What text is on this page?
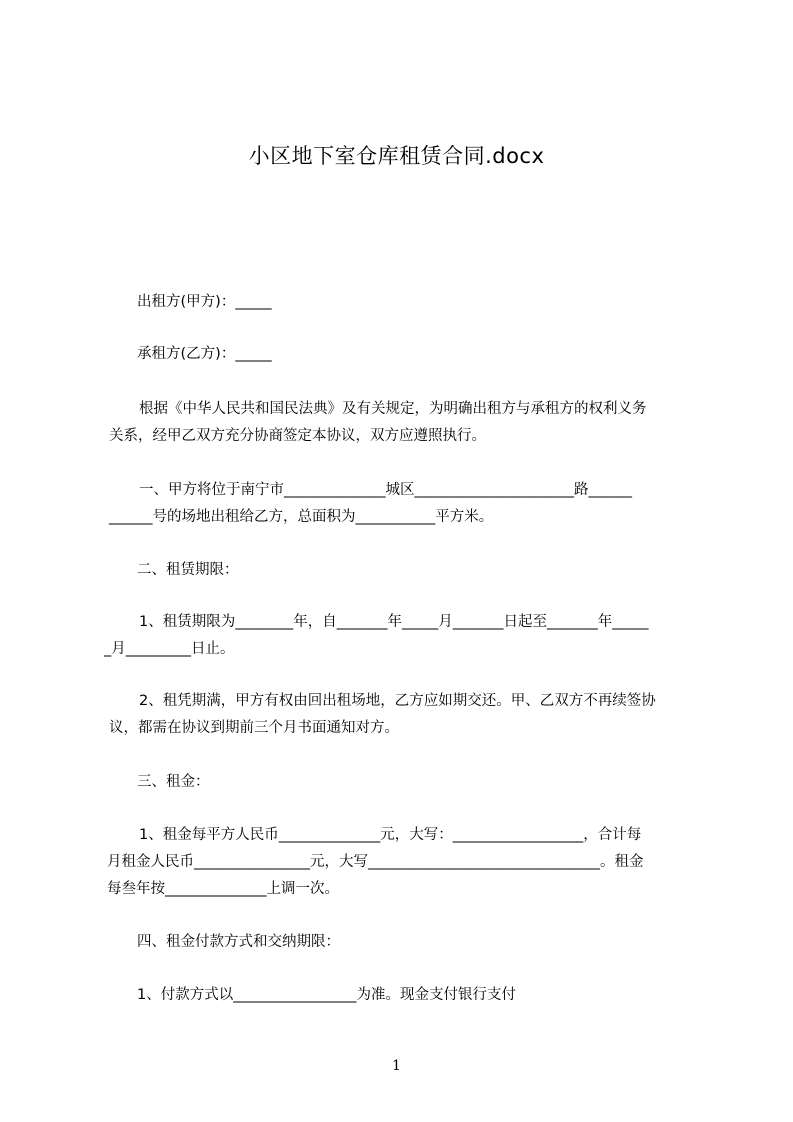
小区地下室仓库租赁合同.docx
出租方(甲方)：_____
承租方(乙方)：_____
根据《中华人民共和国民法典》及有关规定，为明确出租方与承租方的权利义务
关系，经甲乙双方充分协商签定本协议，双方应遵照执行。
一、甲方将位于南宁市______________城区______________________路______
______号的场地出租给乙方，总面积为___________平方米。
二、租赁期限：
1、租赁期限为________年，自_______年_____月_______日起至_______年_____
_月_________日止。
2、租凭期满，甲方有权由回出租场地，乙方应如期交还。甲、乙双方不再续签协
议，都需在协议到期前三个月书面通知对方。
三、租金：
1、租金每平方人民币______________元，大写：__________________，合计每
月租金人民币________________元，大写________________________________。租金
每叁年按______________上调一次。
四、租金付款方式和交纳期限：
1、付款方式以_________________为准。现金支付银行支付
1
